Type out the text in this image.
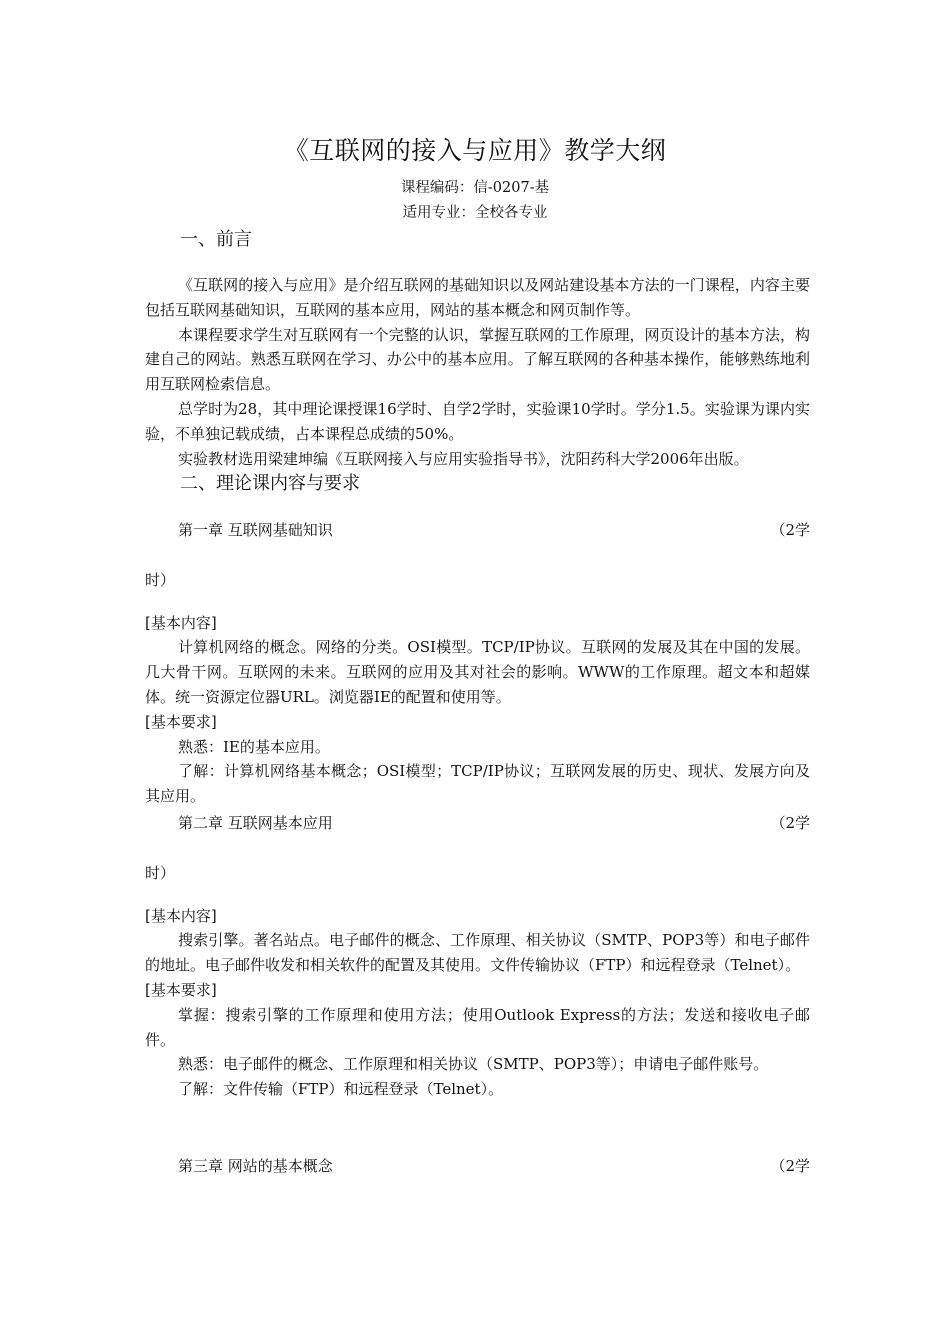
《互联网的接入与应用》教学大纲
课程编码：信-0207-基
适用专业：全校各专业
一、前言

《互联网的接入与应用》是介绍互联网的基础知识以及网站建设基本方法的一门课程，内容主要包括互联网基础知识，互联网的基本应用，网站的基本概念和网页制作等。

本课程要求学生对互联网有一个完整的认识，掌握互联网的工作原理，网页设计的基本方法，构建自己的网站。熟悉互联网在学习、办公中的基本应用。了解互联网的各种基本操作，能够熟练地利用互联网检索信息。

总学时为28，其中理论课授课16学时、自学2学时，实验课10学时。学分1.5。实验课为课内实验，不单独记载成绩，占本课程总成绩的50%。

实验教材选用梁建坤编《互联网接入与应用实验指导书》，沈阳药科大学2006年出版。

二、理论课内容与要求
第一章 互联网基础知识	（2学
时）
[基本内容]

计算机网络的概念。网络的分类。OSI模型。TCP/IP协议。互联网的发展及其在中国的发展。几大骨干网。互联网的未来。互联网的应用及其对社会的影响。WWW的工作原理。超文本和超媒体。统一资源定位器URL。浏览器IE的配置和使用等。

[基本要求]

熟悉：IE的基本应用。

了解：计算机网络基本概念；OSI模型；TCP/IP协议；互联网发展的历史、现状、发展方向及其应用。

第二章 互联网基本应用	（2学
时）
[基本内容]

搜索引擎。著名站点。电子邮件的概念、工作原理、相关协议（SMTP、POP3等）和电子邮件的地址。电子邮件收发和相关软件的配置及其使用。文件传输协议（FTP）和远程登录（Telnet）。

[基本要求]

掌握：搜索引擎的工作原理和使用方法；使用Outlook Express的方法；发送和接收电子邮件。

熟悉：电子邮件的概念、工作原理和相关协议（SMTP、POP3等）；申请电子邮件账号。

了解：文件传输（FTP）和远程登录（Telnet）。

第三章 网站的基本概念	（2学
